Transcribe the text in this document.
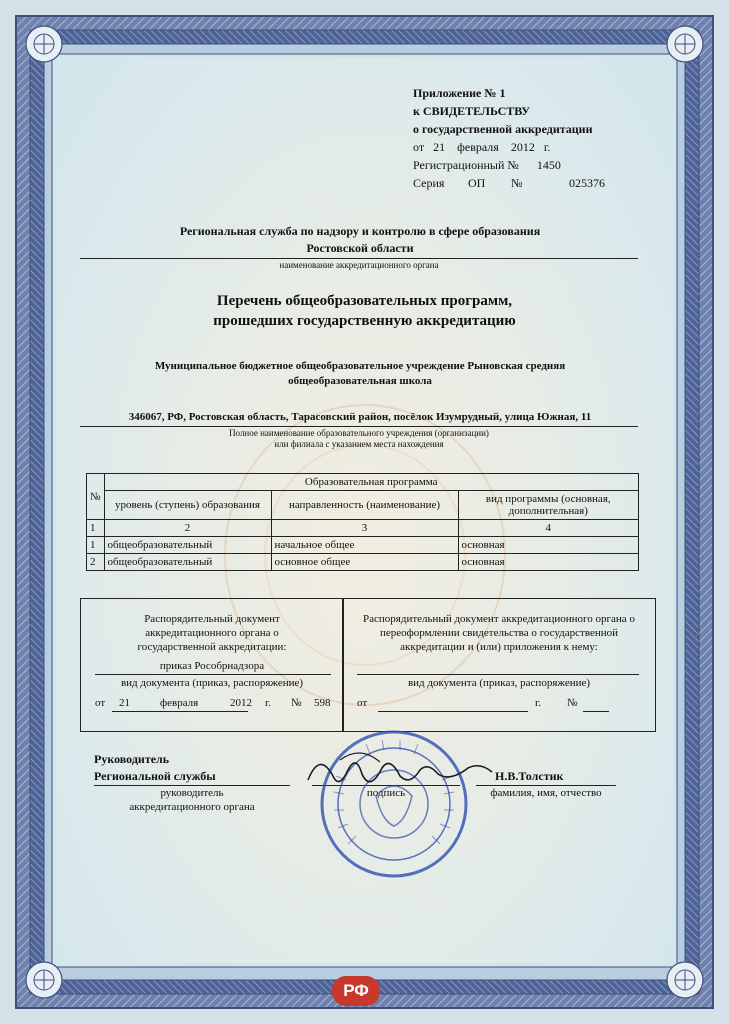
Приложение № 1
к СВИДЕТЕЛЬСТВУ
о государственной аккредитации
от 21 февраля 2012 г.
Регистрационный № 1450
Серия ОП №	025376
Региональная служба по надзору и контролю в сфере образования
Ростовской области
наименование аккредитационного органа
Перечень общеобразовательных программ,
прошедших государственную аккредитацию
Муниципальное бюджетное общеобразовательное учреждение Рыновская средняя
общеобразовательная школа
346067, РФ, Ростовская область, Тарасовский район, посёлок Изумрудный, улица Южная, 11
Полное наименование образовательного учреждения (организации)
или филиала с указанием места нахождения
№	Образовательная программа		
	уровень (ступень) образования	направленность (наименование)	вид программы (основная,
дополнительная)

1	2	3	4
1	общеобразовательный	начальное общее	основная
2	общеобразовательный	основное общее	основная
Распорядительный документ
аккредитационного органа о
государственной аккредитации:
приказ Рособрнадзора
вид документа (приказ, распоряжение)
от 21	февраля	2012 г. № 598
Распорядительный документ аккредитационного органа о
переоформлении свидетельства о государственной
аккредитации и (или) приложения к нему:
вид документа (приказ, распоряжение)
от	г. №
Руководитель
Региональной службы
руководитель
аккредитационного органа
подпись
Н.В.Толстик
фамилия, имя, отчество
РФ
